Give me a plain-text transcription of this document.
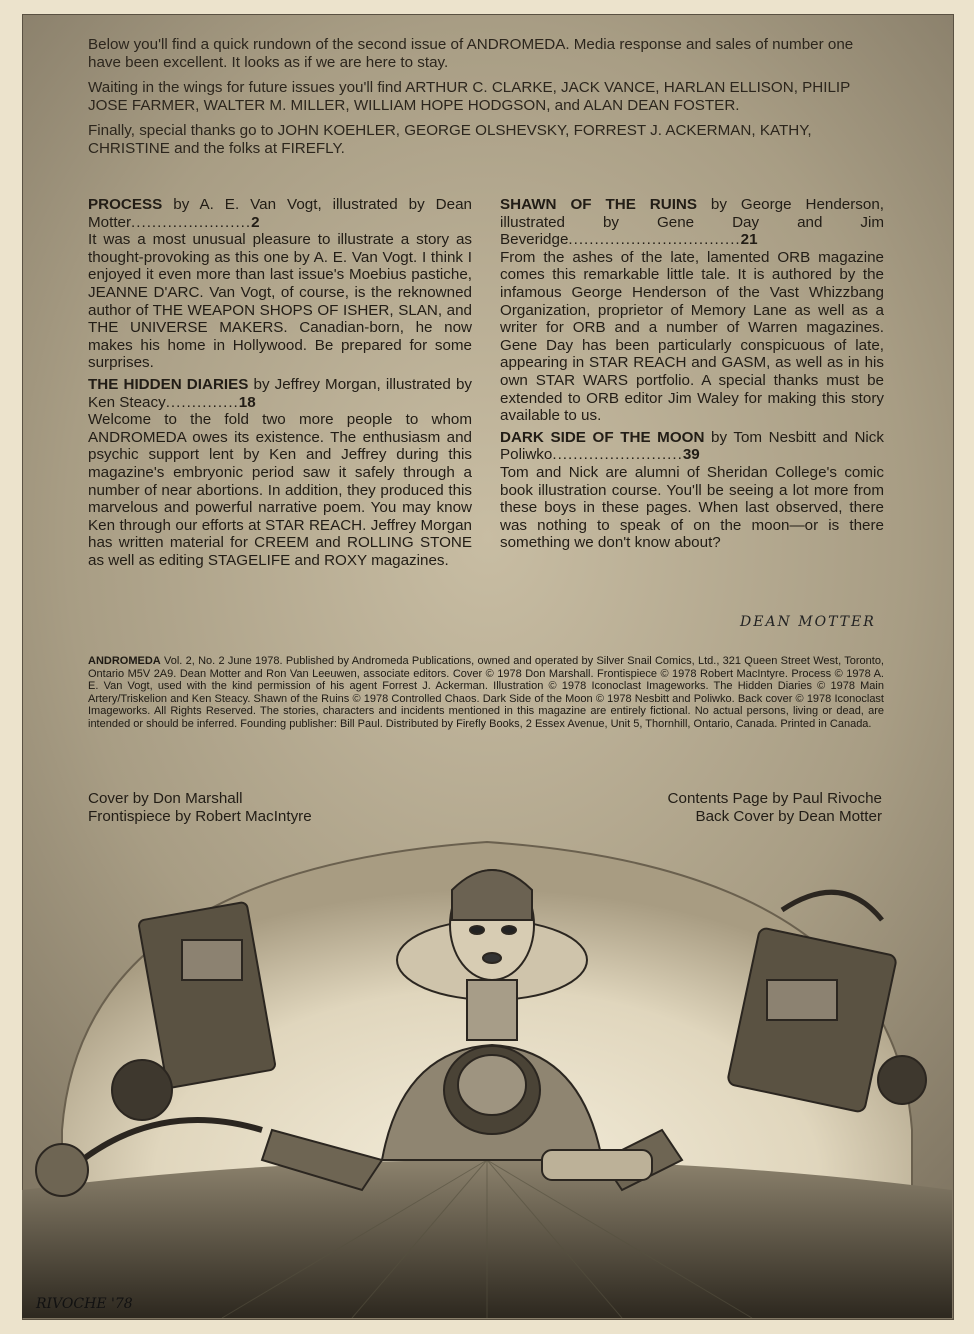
Below you'll find a quick rundown of the second issue of ANDROMEDA. Media response and sales of number one have been excellent. It looks as if we are here to stay.

Waiting in the wings for future issues you'll find ARTHUR C. CLARKE, JACK VANCE, HARLAN ELLISON, PHILIP JOSE FARMER, WALTER M. MILLER, WILLIAM HOPE HODGSON, and ALAN DEAN FOSTER.

Finally, special thanks go to JOHN KOEHLER, GEORGE OLSHEVSKY, FORREST J. ACKERMAN, KATHY, CHRISTINE and the folks at FIREFLY.

PROCESS by A. E. Van Vogt, illustrated by Dean Motter.......................2
It was a most unusual pleasure to illustrate a story as thought-provoking as this one by A. E. Van Vogt. I think I enjoyed it even more than last issue's Moebius pastiche, JEANNE D'ARC. Van Vogt, of course, is the reknowned author of THE WEAPON SHOPS OF ISHER, SLAN, and THE UNIVERSE MAKERS. Canadian-born, he now makes his home in Hollywood. Be prepared for some surprises.
THE HIDDEN DIARIES by Jeffrey Morgan, illustrated by Ken Steacy..............18
Welcome to the fold two more people to whom ANDROMEDA owes its existence. The enthusiasm and psychic support lent by Ken and Jeffrey during this magazine's embryonic period saw it safely through a number of near abortions. In addition, they produced this marvelous and powerful narrative poem. You may know Ken through our efforts at STAR REACH. Jeffrey Morgan has written material for CREEM and ROLLING STONE as well as editing STAGELIFE and ROXY magazines.
SHAWN OF THE RUINS by George Henderson, illustrated by Gene Day and Jim Beveridge.................................21
From the ashes of the late, lamented ORB magazine comes this remarkable little tale. It is authored by the infamous George Henderson of the Vast Whizzbang Organization, proprietor of Memory Lane as well as a writer for ORB and a number of Warren magazines. Gene Day has been particularly conspicuous of late, appearing in STAR REACH and GASM, as well as in his own STAR WARS portfolio. A special thanks must be extended to ORB editor Jim Waley for making this story available to us.
DARK SIDE OF THE MOON by Tom Nesbitt and Nick Poliwko.........................39
Tom and Nick are alumni of Sheridan College's comic book illustration course. You'll be seeing a lot more from these boys in these pages. When last observed, there was nothing to speak of on the moon—or is there something we don't know about?
DEAN MOTTER
ANDROMEDA Vol. 2, No. 2 June 1978. Published by Andromeda Publications, owned and operated by Silver Snail Comics, Ltd., 321 Queen Street West, Toronto, Ontario M5V 2A9. Dean Motter and Ron Van Leeuwen, associate editors. Cover © 1978 Don Marshall. Frontispiece © 1978 Robert MacIntyre. Process © 1978 A. E. Van Vogt, used with the kind permission of his agent Forrest J. Ackerman. Illustration © 1978 Iconoclast Imageworks. The Hidden Diaries © 1978 Main Artery/Triskelion and Ken Steacy. Shawn of the Ruins © 1978 Controlled Chaos. Dark Side of the Moon © 1978 Nesbitt and Poliwko. Back cover © 1978 Iconoclast Imageworks. All Rights Reserved. The stories, characters and incidents mentioned in this magazine are entirely fictional. No actual persons, living or dead, are intended or should be inferred. Founding publisher: Bill Paul. Distributed by Firefly Books, 2 Essex Avenue, Unit 5, Thornhill, Ontario, Canada. Printed in Canada.
Cover by Don Marshall
Frontispiece by Robert MacIntyre
Contents Page by Paul Rivoche
Back Cover by Dean Motter
RIVOCHE '78
